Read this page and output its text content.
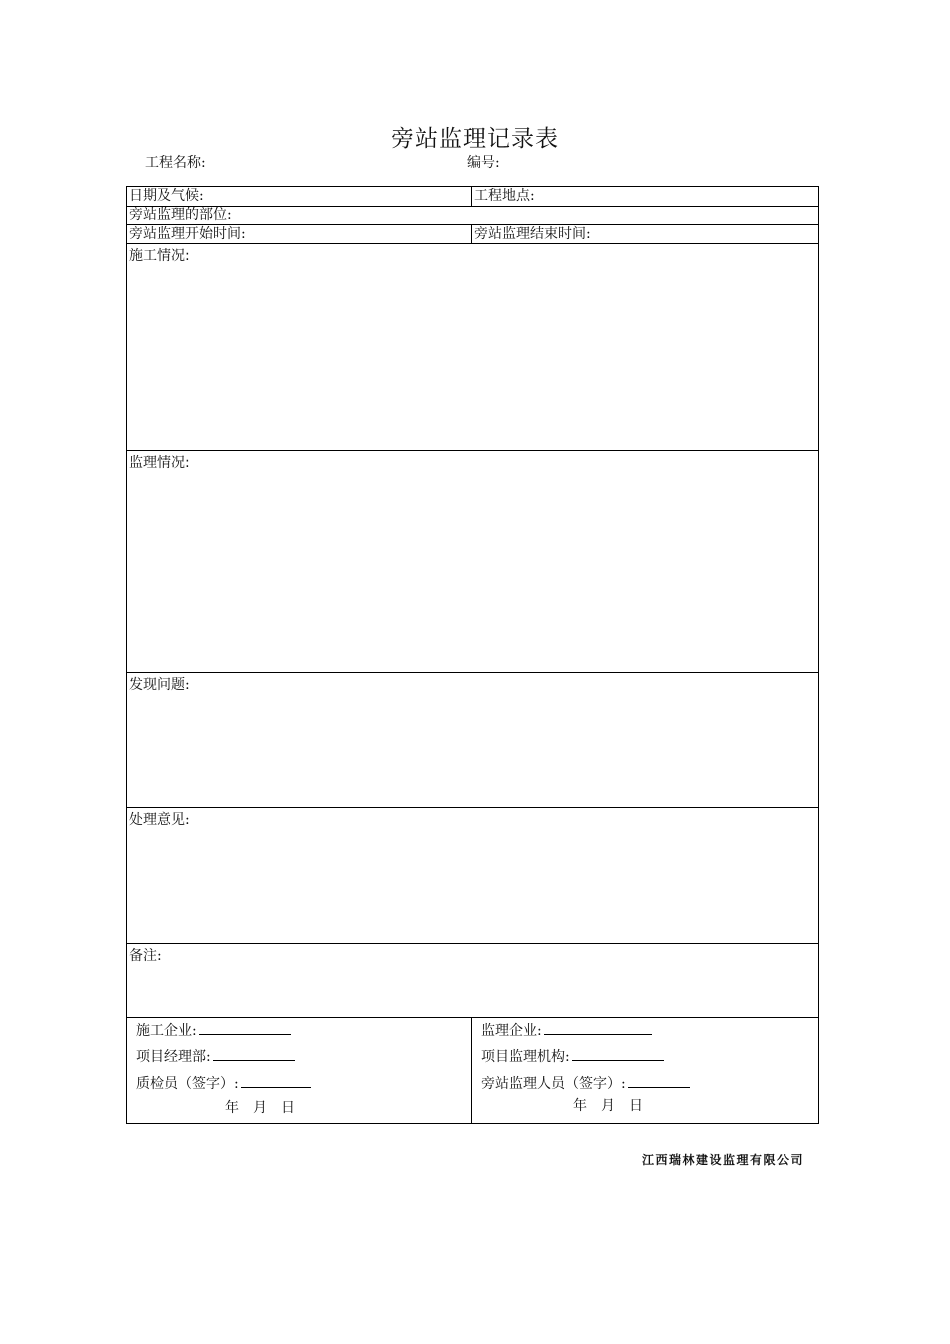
旁站监理记录表
工程名称:	编号:
日期及气候:	工程地点:
旁站监理的部位:
旁站监理开始时间:	旁站监理结束时间:
施工情况:
监理情况:
发现问题:
处理意见:
备注:
施工企业:
项目经理部:
质检员（签字）:
年　月　日
监理企业:
项目监理机构:
旁站监理人员（签字）:
年　月　日
江西瑞林建设监理有限公司
